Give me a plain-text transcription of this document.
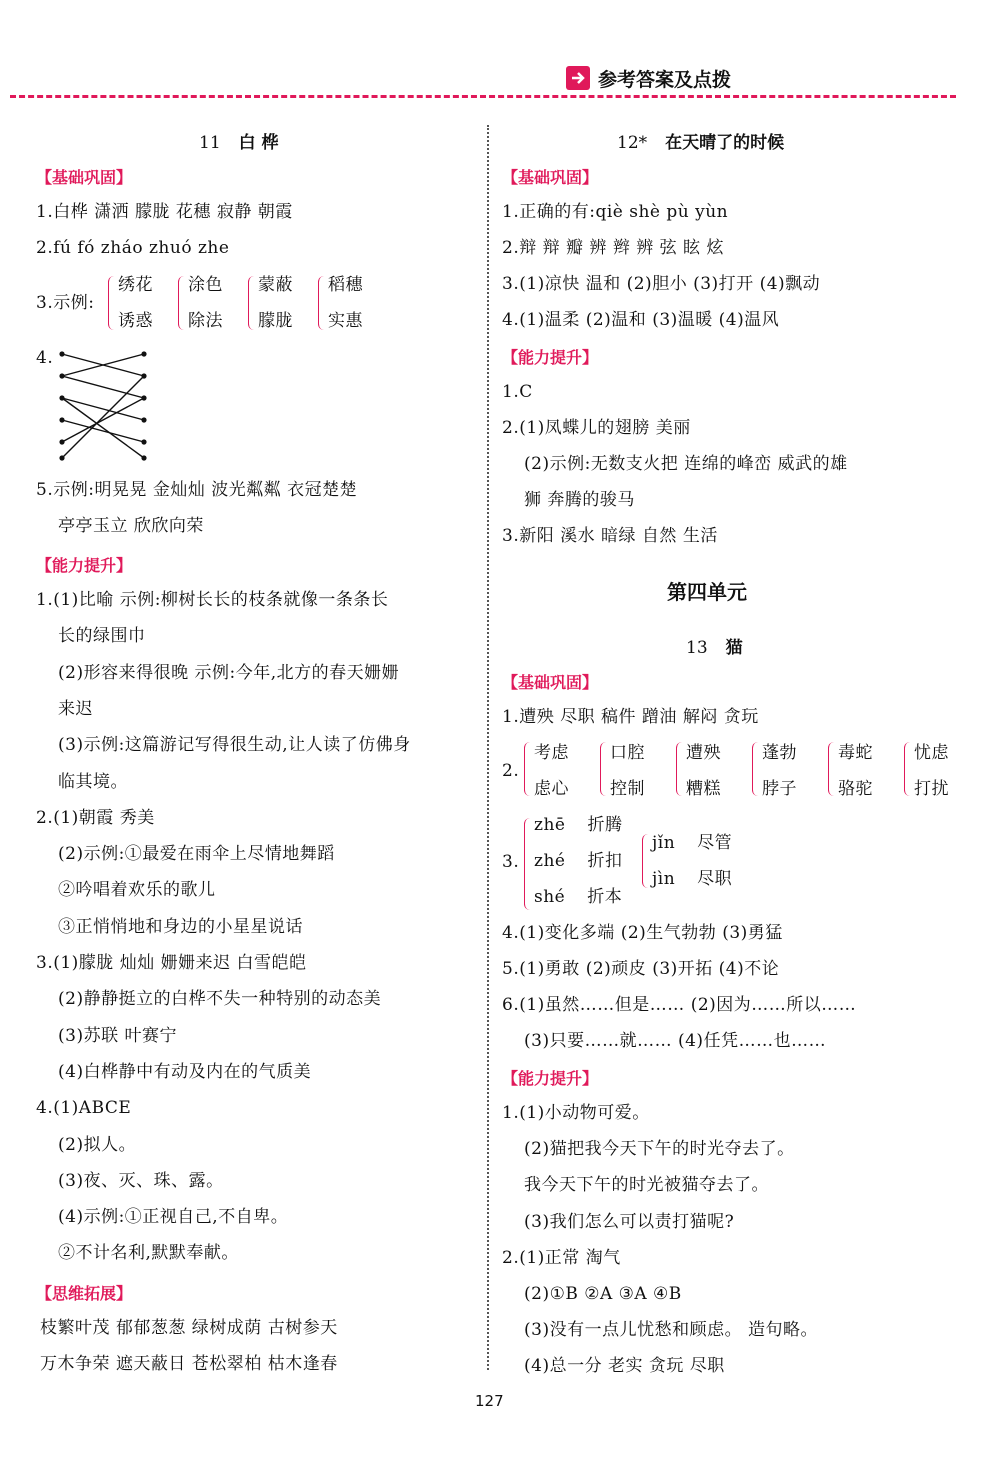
参考答案及点拨
11 白 桦
【基础巩固】
1.白桦 潇洒 朦胧 花穗 寂静 朝霞
2.fú fó zháo zhuó zhe
3.示例:
绣花
诱惑
涂色
除法
蒙蔽
朦胧
稻穗
实惠
4.
5.示例:明晃晃 金灿灿 波光粼粼 衣冠楚楚
亭亭玉立 欣欣向荣
【能力提升】
1.(1)比喻 示例:柳树长长的枝条就像一条条长
长的绿围巾
(2)形容来得很晚 示例:今年,北方的春天姗姗
来迟
(3)示例:这篇游记写得很生动,让人读了仿佛身
临其境。
2.(1)朝霞 秀美
(2)示例:①最爱在雨伞上尽情地舞蹈
②吟唱着欢乐的歌儿
③正悄悄地和身边的小星星说话
3.(1)朦胧 灿灿 姗姗来迟 白雪皑皑
(2)静静挺立的白桦不失一种特别的动态美
(3)苏联 叶赛宁
(4)白桦静中有动及内在的气质美
4.(1)ABCE
(2)拟人。
(3)夜、灭、珠、露。
(4)示例:①正视自己,不自卑。
②不计名利,默默奉献。
【思维拓展】
枝繁叶茂 郁郁葱葱 绿树成荫 古树参天
万木争荣 遮天蔽日 苍松翠柏 枯木逢春
12* 在天晴了的时候
【基础巩固】
1.正确的有:qiè shè pù yùn
2.辩 辩 瓣 辨 辫 辨 弦 眩 炫
3.(1)凉快 温和 (2)胆小 (3)打开 (4)飘动
4.(1)温柔 (2)温和 (3)温暖 (4)温风
【能力提升】
1.C
2.(1)凤蝶儿的翅膀 美丽
(2)示例:无数支火把 连绵的峰峦 威武的雄
狮 奔腾的骏马
3.新阳 溪水 暗绿 自然 生活
第四单元
13 猫
【基础巩固】
1.遭殃 尽职 稿件 蹭油 解闷 贪玩
2.
考虑
虑心
口腔
控制
遭殃
糟糕
蓬勃
脖子
毒蛇
骆驼
忧虑
打扰
3.
zhē 折腾
zhé 折扣
shé 折本
jǐn 尽管
jìn 尽职
4.(1)变化多端 (2)生气勃勃 (3)勇猛
5.(1)勇敢 (2)顽皮 (3)开拓 (4)不论
6.(1)虽然……但是…… (2)因为……所以……
(3)只要……就…… (4)任凭……也……
【能力提升】
1.(1)小动物可爱。
(2)猫把我今天下午的时光夺去了。
我今天下午的时光被猫夺去了。
(3)我们怎么可以责打猫呢?
2.(1)正常 淘气
(2)①B ②A ③A ④B
(3)没有一点儿忧愁和顾虑。 造句略。
(4)总一分 老实 贪玩 尽职
127
